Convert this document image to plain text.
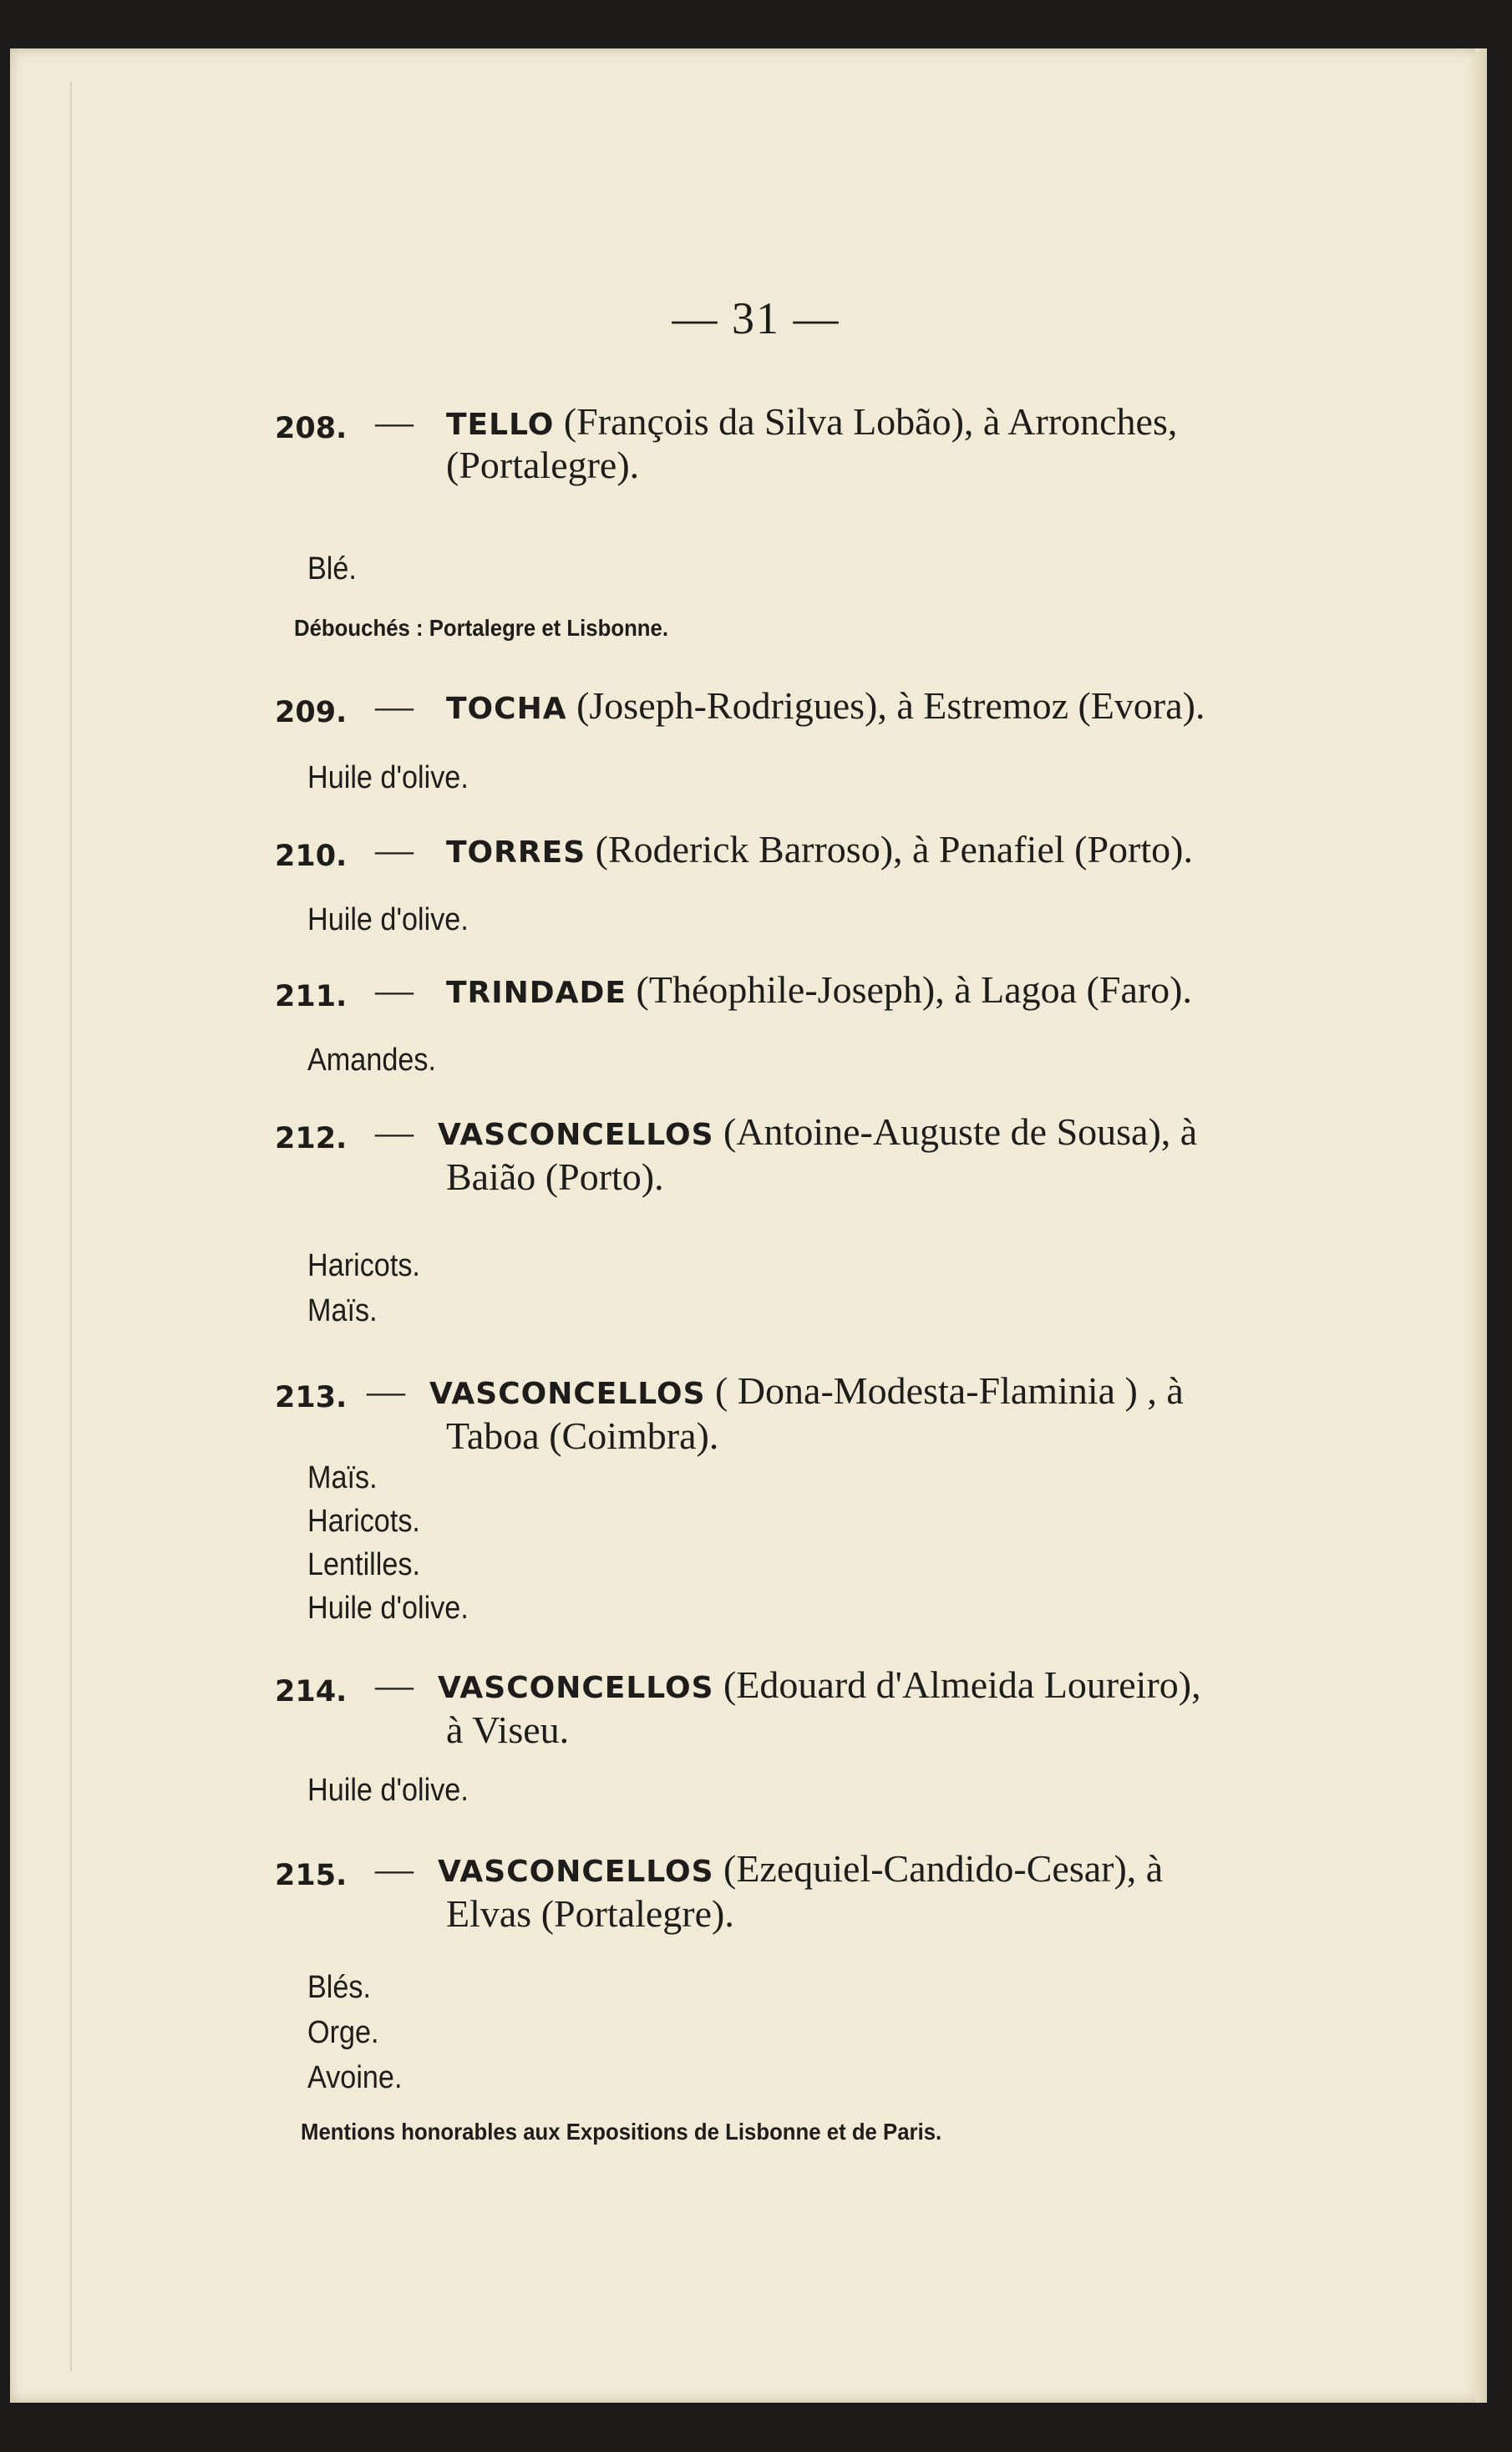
— 31 —
208. — TELLO (François da Silva Lobão), à Arronches,
(Portalegre).
Blé.
Débouchés : Portalegre et Lisbonne.
209. — TOCHA (Joseph-Rodrigues), à Estremoz (Evora).
Huile d'olive.
210. — TORRES (Roderick Barroso), à Penafiel (Porto).
Huile d'olive.
211. — TRINDADE (Théophile-Joseph), à Lagoa (Faro).
Amandes.
212. — VASCONCELLOS (Antoine-Auguste de Sousa), à
Baião (Porto).
Haricots.
Maïs.
213. — VASCONCELLOS ( Dona-Modesta-Flaminia ) , à
Taboa (Coimbra).
Maïs.
Haricots.
Lentilles.
Huile d'olive.
214. — VASCONCELLOS (Edouard d'Almeida Loureiro),
à Viseu.
Huile d'olive.
215. — VASCONCELLOS (Ezequiel-Candido-Cesar), à
Elvas (Portalegre).
Blés.
Orge.
Avoine.
Mentions honorables aux Expositions de Lisbonne et de Paris.
